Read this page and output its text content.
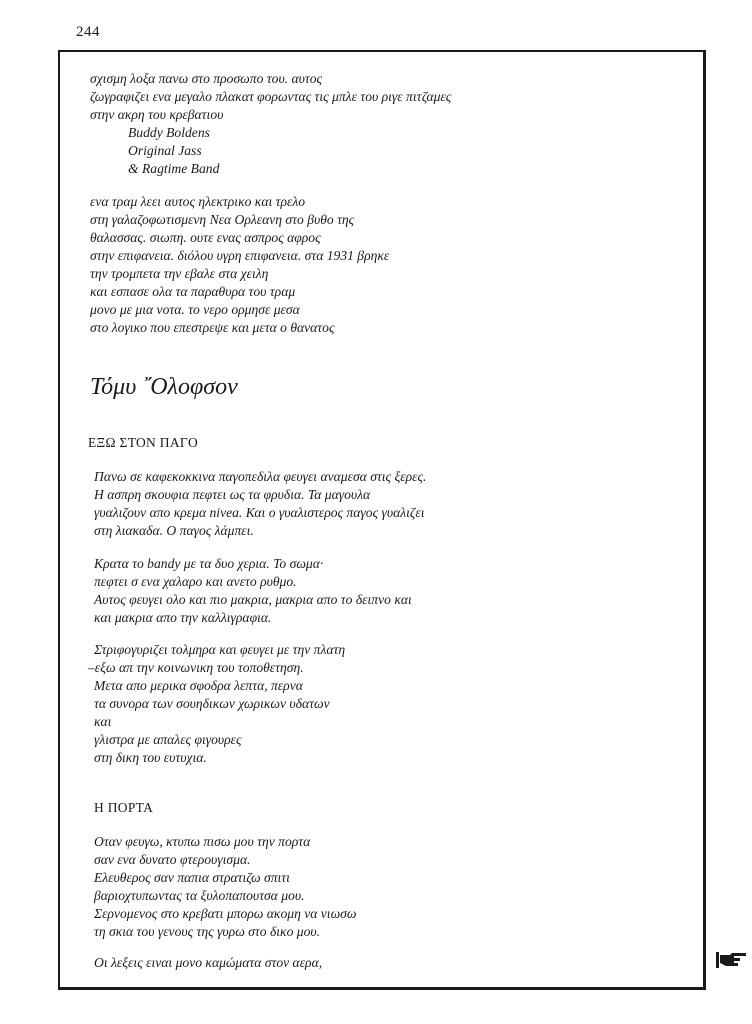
244
σχισμη λοξα πανω στο προσωπο του. αυτος
ζωγραφιζει ενα μεγαλο πλακατ φορωντας τις μπλε του ριγε πιτζαμες
στην ακρη του κρεβατιου
Buddy Boldens
Original Jass
& Ragtime Band
ενα τραμ λεει αυτος ηλεκτρικο και τρελο
στη γαλαζοφωτισμενη Νεα Ορλεανη στο βυθο της
θαλασσας. σιωπη. ουτε ενας ασπρος αφρος
στην επιφανεια. διόλου υγρη επιφανεια. στα 1931 βρηκε
την τρομπετα την εβαλε στα χειλη
και εσπασε ολα τα παραθυρα του τραμ
μονο με μια νοτα. το νερο ορμησε μεσα
στο λογικο που επεστρεψε και μετα ο θανατος
Τόμυ ῎Ολοφσον
ΕΞΩ ΣΤΟΝ ΠΑΓΟ
Πανω σε καφεκοκκινα παγοπεδιλα φευγει αναμεσα στις ξερες.
Η ασπρη σκουφια πεφτει ως τα φρυδια. Τα μαγουλα
γυαλιζουν απο κρεμα nivea. Και ο γυαλιστερος παγος γυαλιζει
στη λιακαδα. Ο παγος λάμπει.
Κρατα το bandy με τα δυο χερια. Το σωμα·
πεφτει σ ενα χαλαρο και ανετο ρυθμο.
Αυτος φευγει ολο και πιο μακρια, μακρια απο το δειπνο και
και μακρια απο την καλλιγραφια.
Στριφογυριζει τολμηρα και φευγει με την πλατη
–εξω απ την κοινωνικη του τοποθετηση.
Μετα απο μερικα σφοδρα λεπτα, περνα
τα συνορα των σουηδικων χωρικων υδατων
και
γλιστρα με απαλες φιγουρες
στη δικη του ευτυχια.
Η ΠΟΡΤΑ
Οταν φευγω, κτυπω πισω μου την πορτα
σαν ενα δυνατο φτερουγισμα.
Ελευθερος σαν παπια στρατιζω σπιτι
βαριοχτυπωντας τα ξυλοπαπουτσα μου.
Σερνομενος στο κρεβατι μπορω ακομη να νιωσω
τη σκια του γενους της γυρω στο δικο μου.
Οι λεξεις ειναι μονο καμώματα στον αερα,
